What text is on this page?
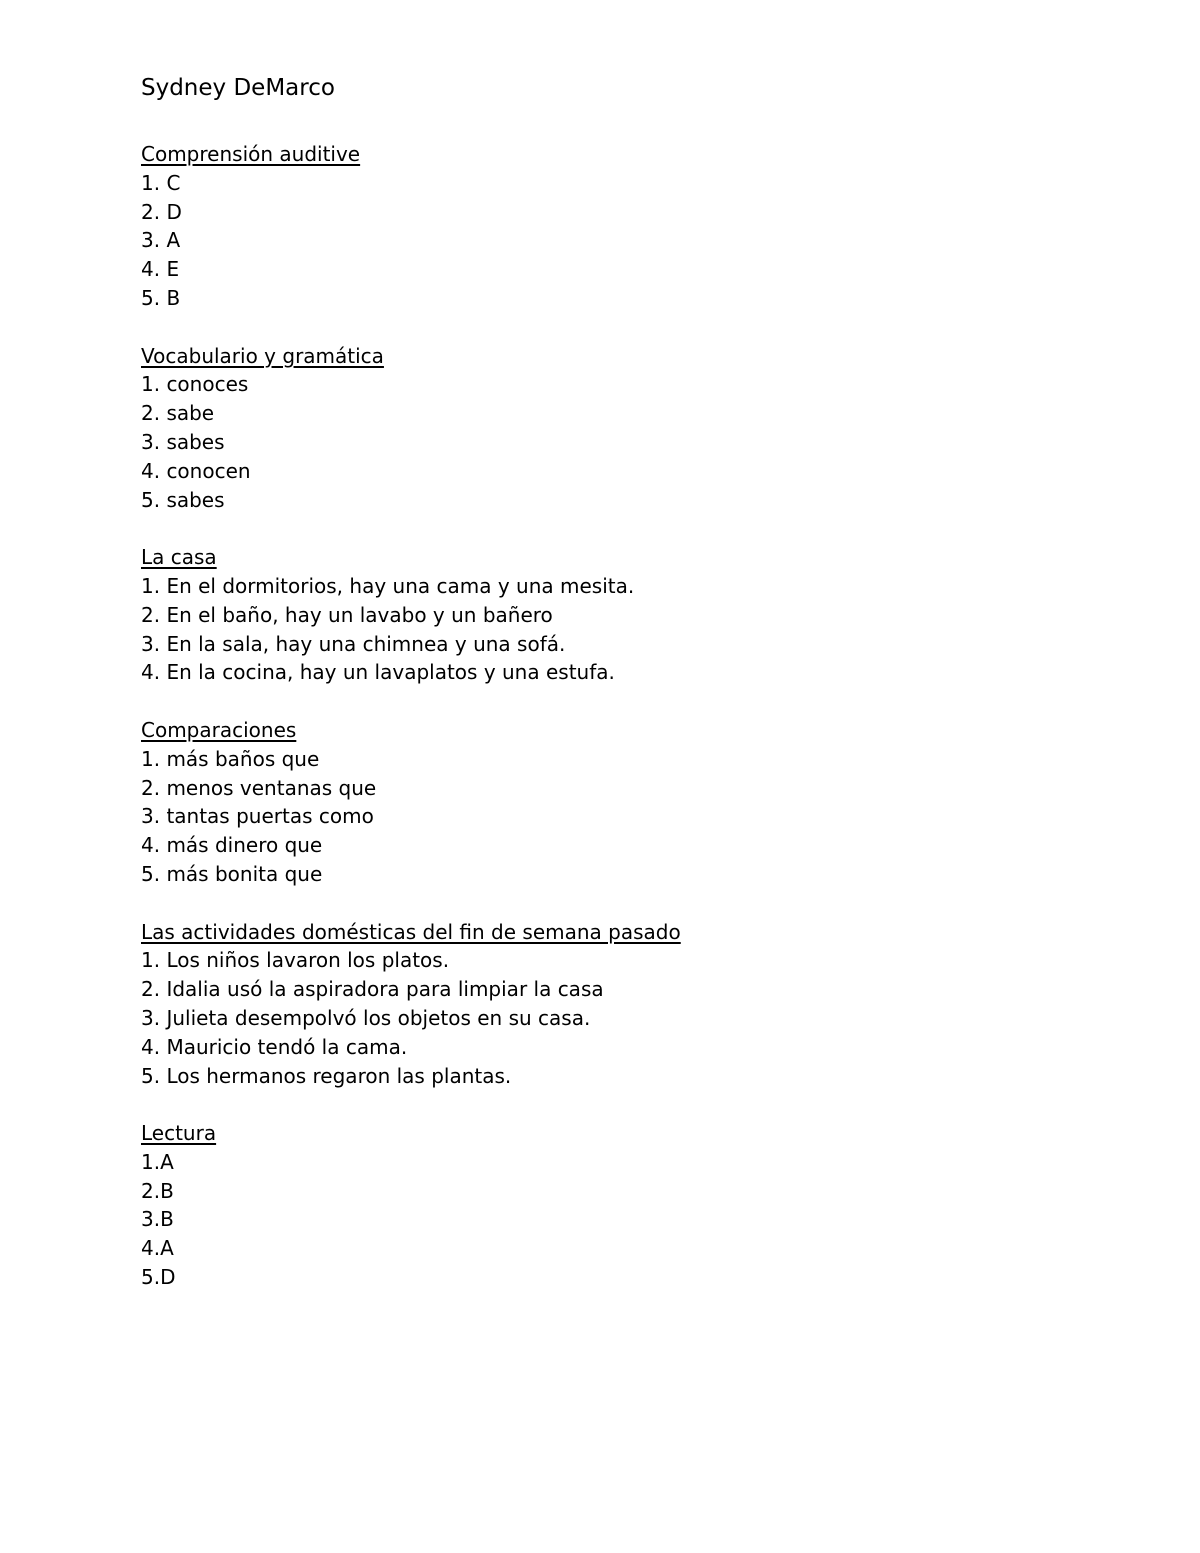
Sydney DeMarco
Comprensión auditive
1. C
2. D
3. A
4. E
5. B
Vocabulario y gramática
1. conoces
2. sabe
3. sabes
4. conocen
5. sabes
La casa
1. En el dormitorios, hay una cama y una mesita.
2. En el baño, hay un lavabo y un bañero
3. En la sala, hay una chimnea y una sofá.
4. En la cocina, hay un lavaplatos y una estufa.
Comparaciones
1. más baños que
2. menos ventanas que
3. tantas puertas como
4. más dinero que
5. más bonita que
Las actividades domésticas del fin de semana pasado
1. Los niños lavaron los platos.
2. Idalia usó la aspiradora para limpiar la casa
3. Julieta desempolvó los objetos en su casa.
4. Mauricio tendó la cama.
5. Los hermanos regaron las plantas.
Lectura
1.A
2.B
3.B
4.A
5.D
